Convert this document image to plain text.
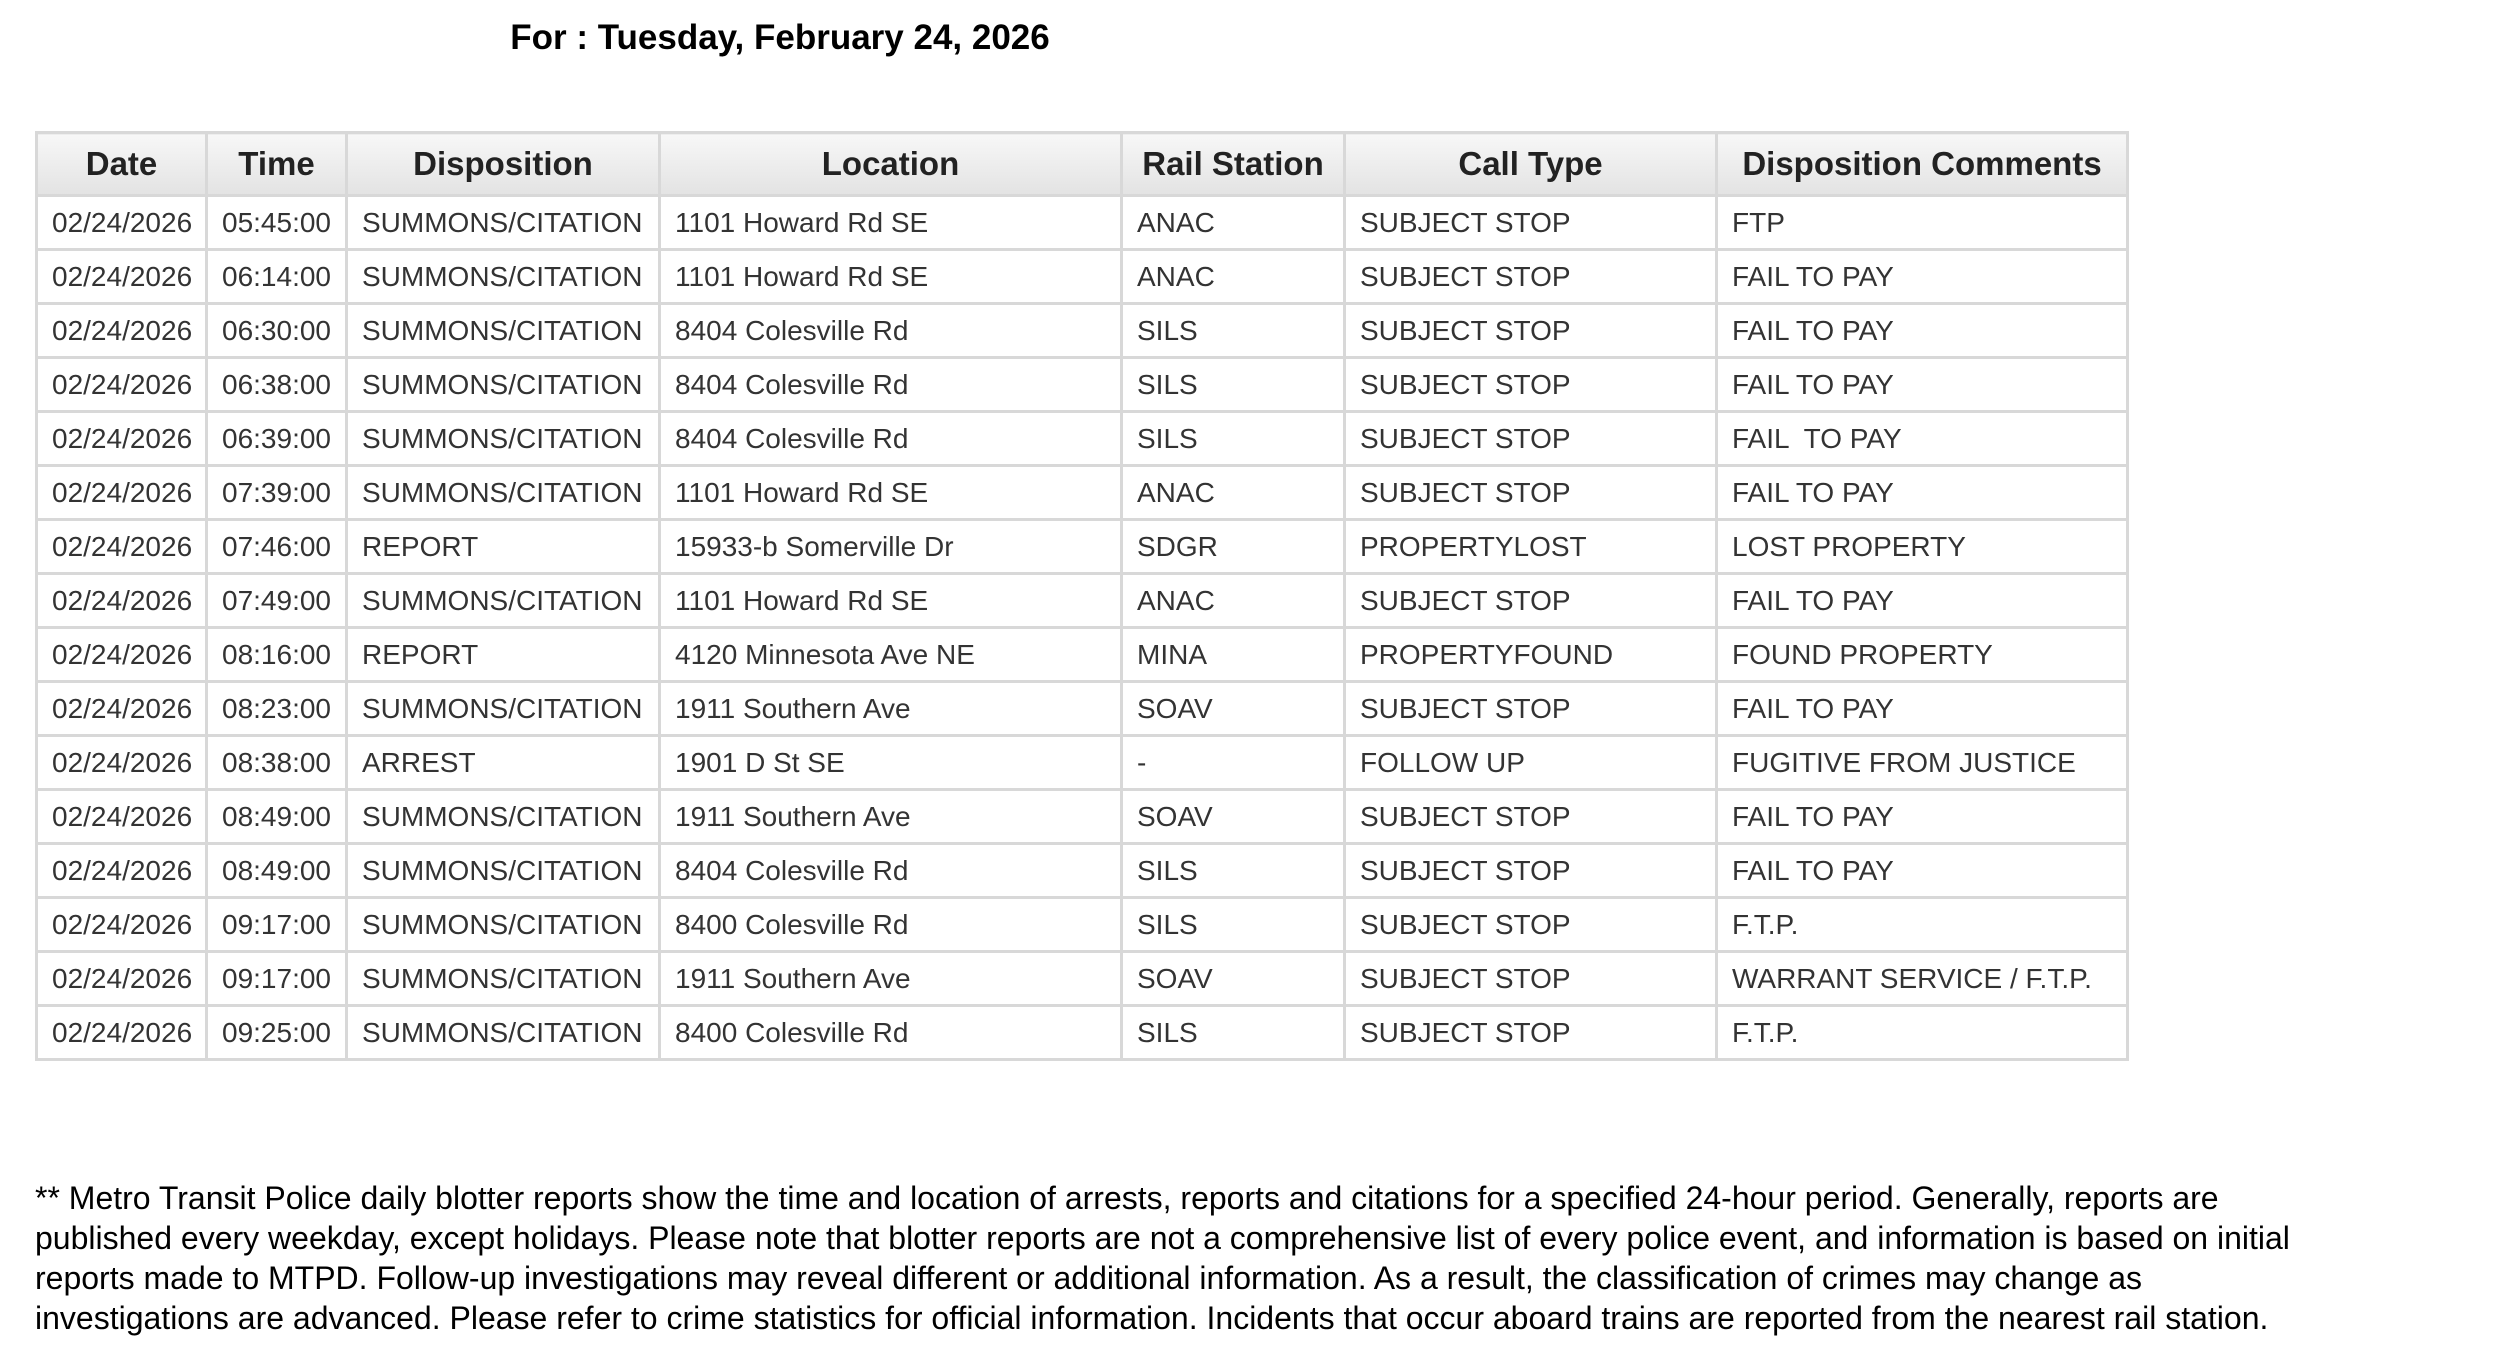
For : Tuesday, February 24, 2026
Date	Time	Disposition	Location	Rail Station	Call Type	Disposition Comments
02/24/2026	05:45:00	SUMMONS/CITATION	1101 Howard Rd SE	ANAC	SUBJECT STOP	FTP
02/24/2026	06:14:00	SUMMONS/CITATION	1101 Howard Rd SE	ANAC	SUBJECT STOP	FAIL TO PAY
02/24/2026	06:30:00	SUMMONS/CITATION	8404 Colesville Rd	SILS	SUBJECT STOP	FAIL TO PAY
02/24/2026	06:38:00	SUMMONS/CITATION	8404 Colesville Rd	SILS	SUBJECT STOP	FAIL TO PAY
02/24/2026	06:39:00	SUMMONS/CITATION	8404 Colesville Rd	SILS	SUBJECT STOP	FAIL  TO PAY
02/24/2026	07:39:00	SUMMONS/CITATION	1101 Howard Rd SE	ANAC	SUBJECT STOP	FAIL TO PAY
02/24/2026	07:46:00	REPORT	15933-b Somerville Dr	SDGR	PROPERTYLOST	LOST PROPERTY
02/24/2026	07:49:00	SUMMONS/CITATION	1101 Howard Rd SE	ANAC	SUBJECT STOP	FAIL TO PAY
02/24/2026	08:16:00	REPORT	4120 Minnesota Ave NE	MINA	PROPERTYFOUND	FOUND PROPERTY
02/24/2026	08:23:00	SUMMONS/CITATION	1911 Southern Ave	SOAV	SUBJECT STOP	FAIL TO PAY
02/24/2026	08:38:00	ARREST	1901 D St SE	-	FOLLOW UP	FUGITIVE FROM JUSTICE
02/24/2026	08:49:00	SUMMONS/CITATION	1911 Southern Ave	SOAV	SUBJECT STOP	FAIL TO PAY
02/24/2026	08:49:00	SUMMONS/CITATION	8404 Colesville Rd	SILS	SUBJECT STOP	FAIL TO PAY
02/24/2026	09:17:00	SUMMONS/CITATION	8400 Colesville Rd	SILS	SUBJECT STOP	F.T.P.
02/24/2026	09:17:00	SUMMONS/CITATION	1911 Southern Ave	SOAV	SUBJECT STOP	WARRANT SERVICE / F.T.P.
02/24/2026	09:25:00	SUMMONS/CITATION	8400 Colesville Rd	SILS	SUBJECT STOP	F.T.P.
** Metro Transit Police daily blotter reports show the time and location of arrests, reports and citations for a specified 24-hour period. Generally, reports are
published every weekday, except holidays. Please note that blotter reports are not a comprehensive list of every police event, and information is based on initial
reports made to MTPD. Follow-up investigations may reveal different or additional information. As a result, the classification of crimes may change as
investigations are advanced. Please refer to crime statistics for official information. Incidents that occur aboard trains are reported from the nearest rail station.
